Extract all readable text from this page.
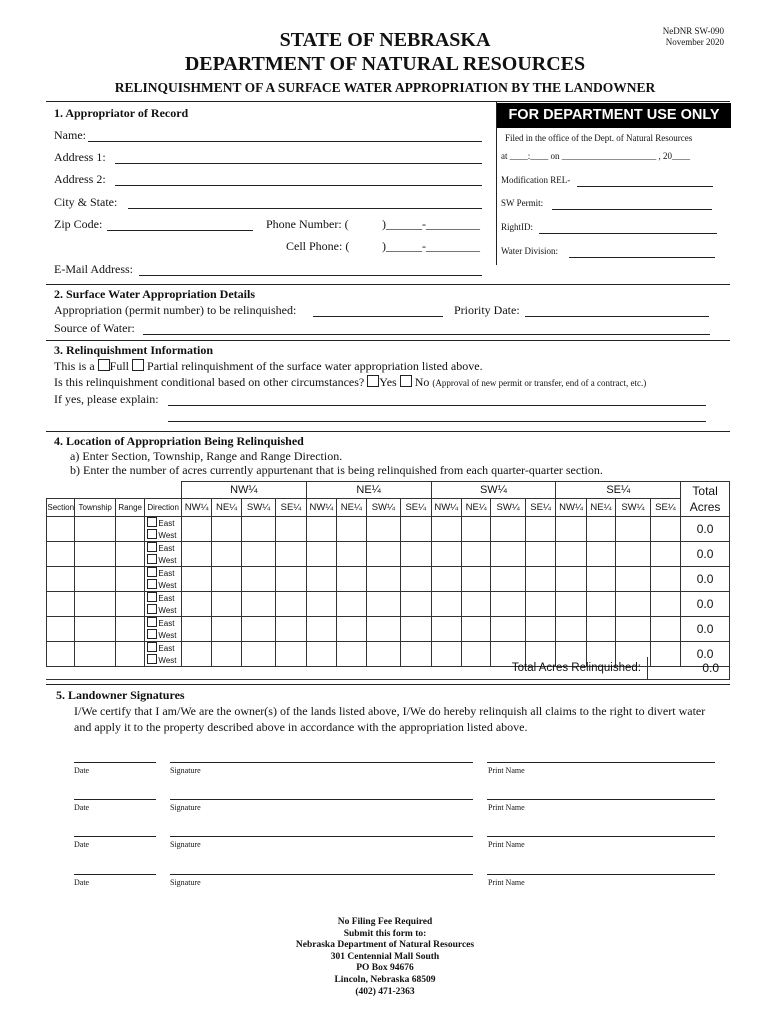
NeDNR SW-090
November 2020
STATE OF NEBRASKA
DEPARTMENT OF NATURAL RESOURCES
RELINQUISHMENT OF A SURFACE WATER APPROPRIATION BY THE LANDOWNER
1. Appropriator of Record
Name:
Address 1:
Address 2:
City & State:
Zip Code:	Phone Number: (	)______-_________
Cell Phone: (	)______-_________
E-Mail Address:
FOR DEPARTMENT USE ONLY
Filed in the office of the Dept. of Natural Resources
at ____:____ on _____________________ , 20____
Modification REL-
SW Permit:
RightID:
Water Division:
2. Surface Water Appropriation Details
Appropriation (permit number) to be relinquished:	Priority Date:
Source of Water:
3. Relinquishment Information
This is a Full Partial relinquishment of the surface water appropriation listed above.
Is this relinquishment conditional based on other circumstances? Yes No (Approval of new permit or transfer, end of a contract, etc.)
If yes, please explain:
4. Location of Appropriation Being Relinquished
a) Enter Section, Township, Range and Range Direction.
b) Enter the number of acres currently appurtenant that is being relinquished from each quarter-quarter section.
				NW¼				NE¼				SW¼				SE¼				Total
Acres

Section	Township	Range	Direction	NW¼	NE¼	SW¼	SE¼	NW¼	NE¼	SW¼	SE¼	NW¼	NE¼	SW¼	SE¼	NW¼	NE¼	SW¼	SE¼	

			East
West																	0.0

			East
West																	0.0

			East
West																	0.0

			East
West																	0.0

			East
West																	0.0

			East
West																	0.0
Total Acres Relinquished:	0.0
5. Landowner Signatures
I/We certify that I am/We are the owner(s) of the lands listed above, I/We do hereby relinquish all claims to the right to divert water and apply it to the property described above in accordance with the appropriation listed above.
Date	Signature	Print Name
Date	Signature	Print Name
Date	Signature	Print Name
Date	Signature	Print Name
No Filing Fee Required
Submit this form to:
Nebraska Department of Natural Resources
301 Centennial Mall South
PO Box 94676
Lincoln, Nebraska 68509
(402) 471-2363
